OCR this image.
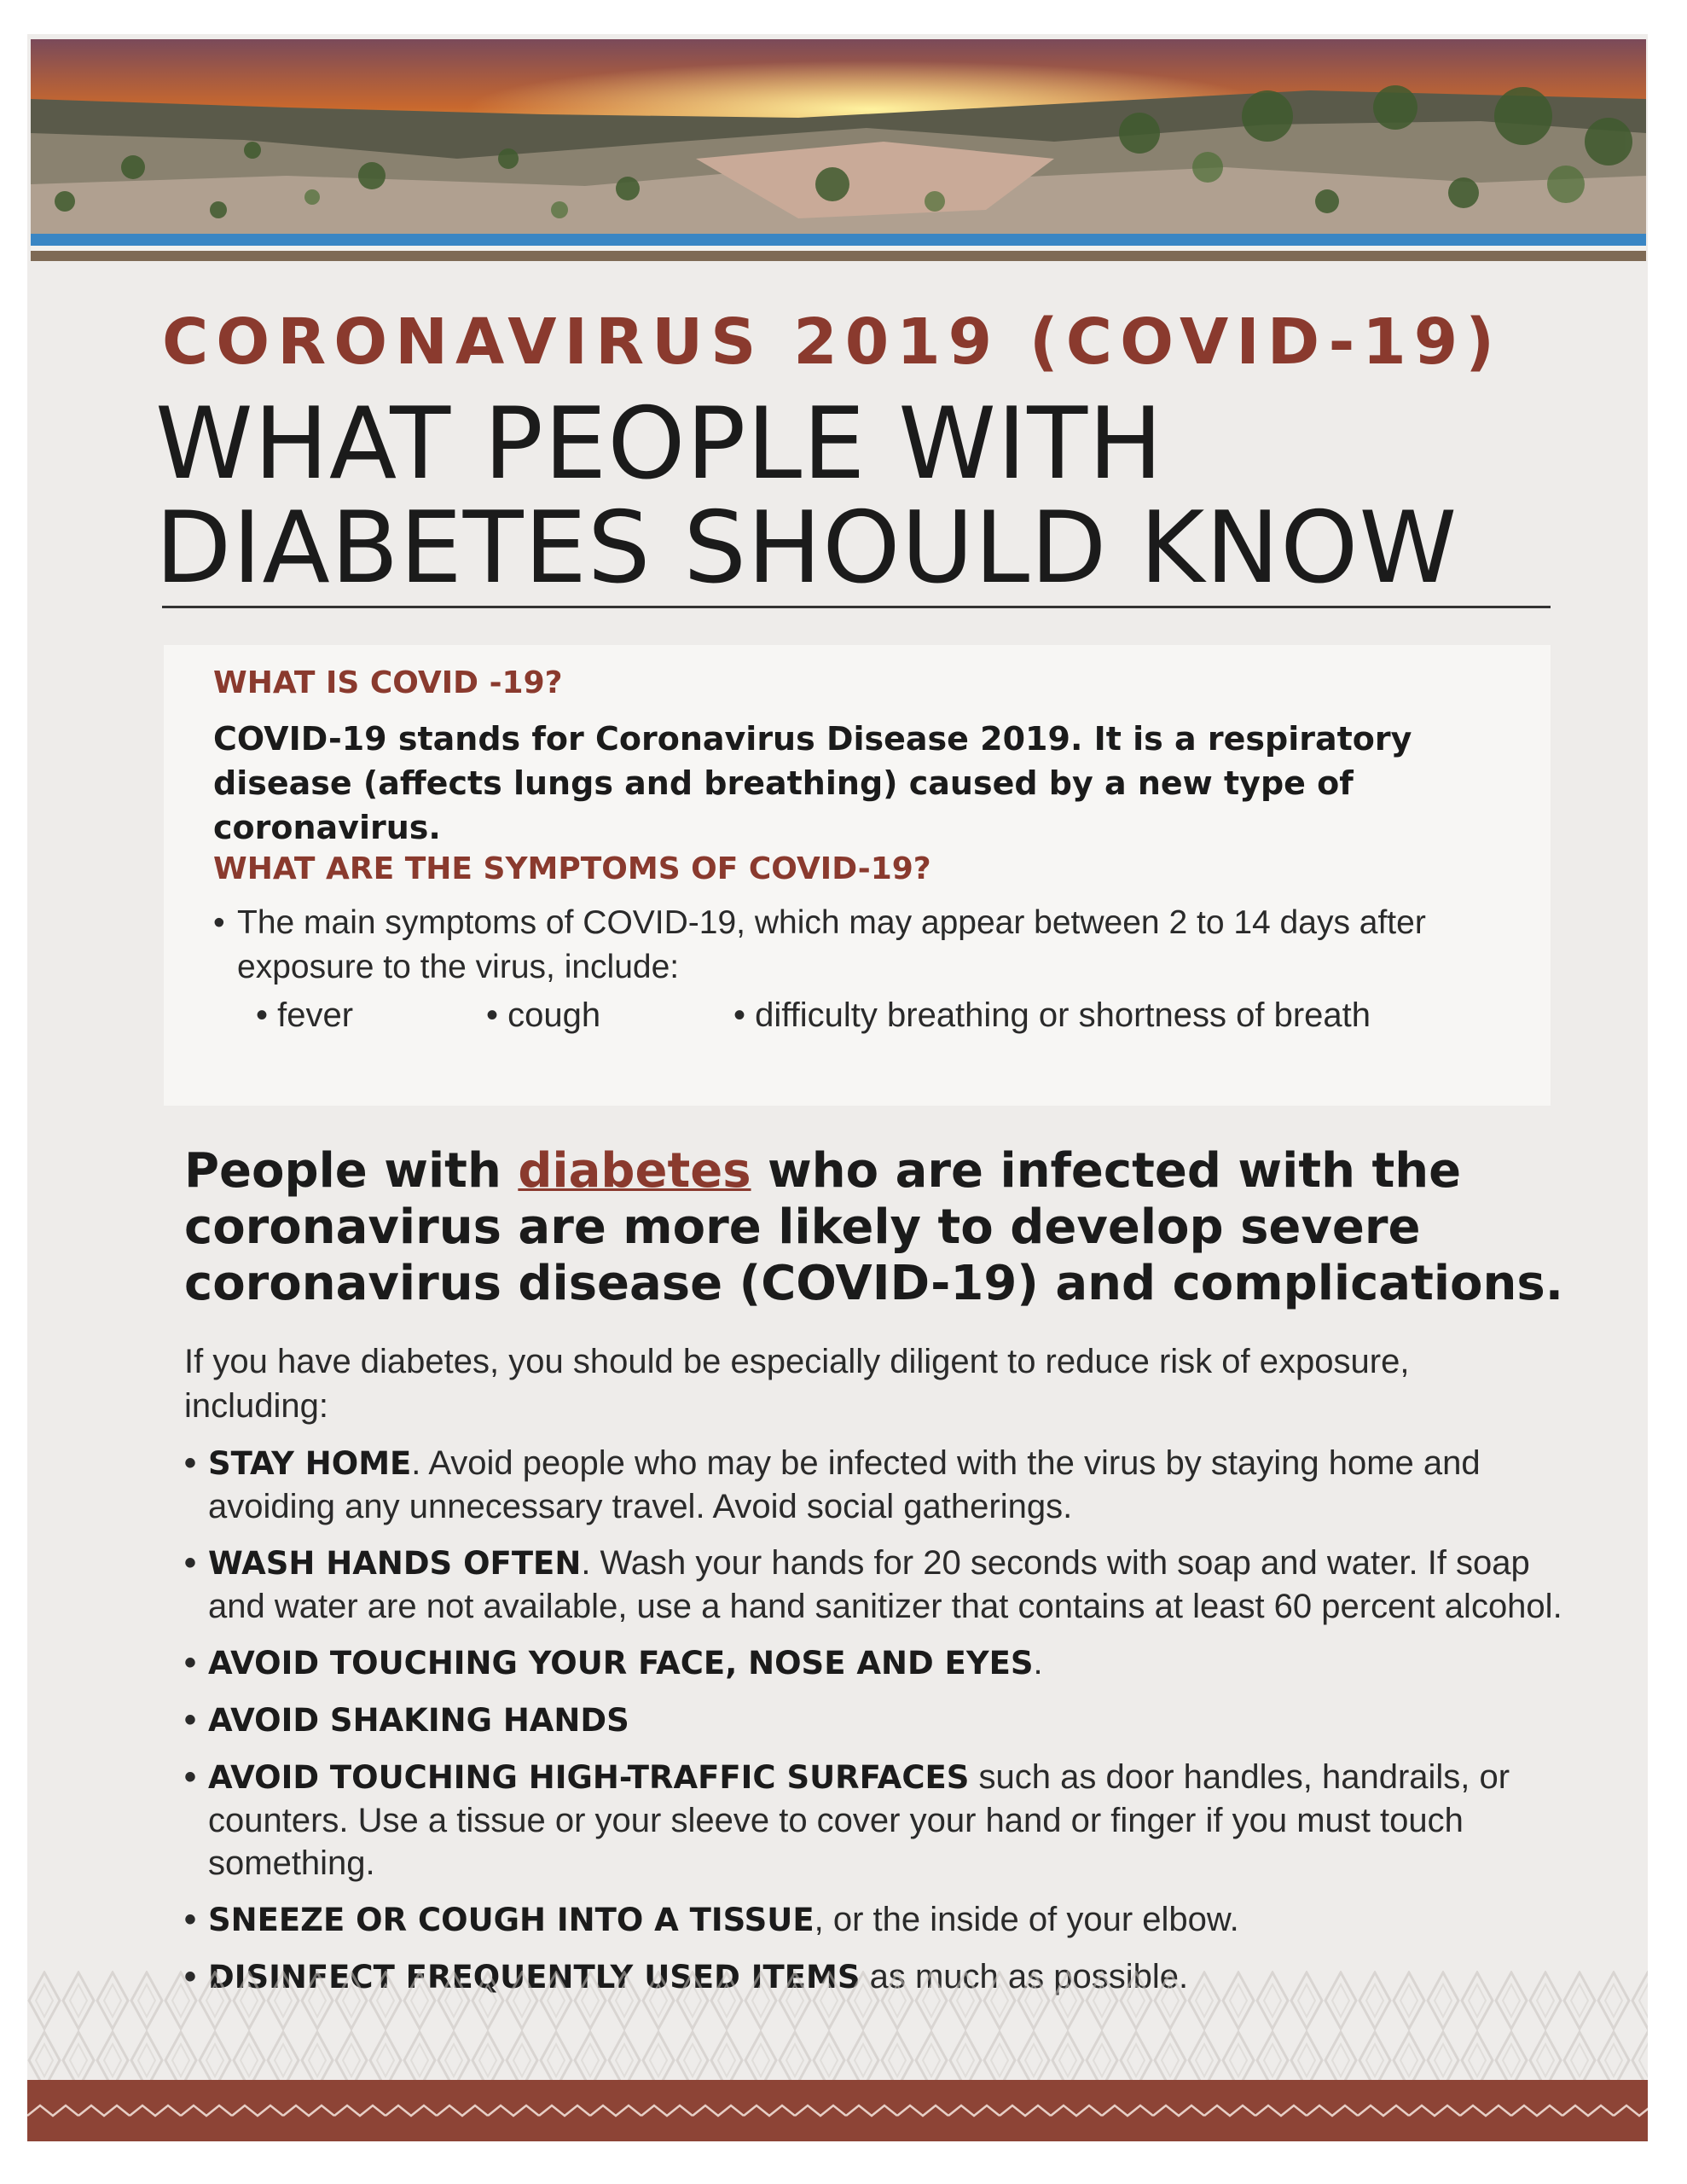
CORONAVIRUS 2019 (COVID-19)
WHAT PEOPLE WITH
DIABETES SHOULD KNOW
WHAT IS COVID -19?
COVID-19 stands for Coronavirus Disease 2019. It is a respiratory disease (affects lungs and breathing) caused by a new type of coronavirus.
WHAT ARE THE SYMPTOMS OF COVID-19?
• The main symptoms of COVID-19, which may appear between 2 to 14 days after exposure to the virus, include:
• fever	• cough	• difficulty breathing or shortness of breath
People with diabetes who are infected with the coronavirus are more likely to develop severe coronavirus disease (COVID-19) and complications.
If you have diabetes, you should be especially diligent to reduce risk of exposure, including:
• STAY HOME. Avoid people who may be infected with the virus by staying home and avoiding any unnecessary travel. Avoid social gatherings.
• WASH HANDS OFTEN. Wash your hands for 20 seconds with soap and water. If soap and water are not available, use a hand sanitizer that contains at least 60 percent alcohol.
• AVOID TOUCHING YOUR FACE, NOSE AND EYES.
• AVOID SHAKING HANDS
• AVOID TOUCHING HIGH-TRAFFIC SURFACES such as door handles, handrails, or counters. Use a tissue or your sleeve to cover your hand or finger if you must touch something.
• SNEEZE OR COUGH INTO A TISSUE, or the inside of your elbow.
